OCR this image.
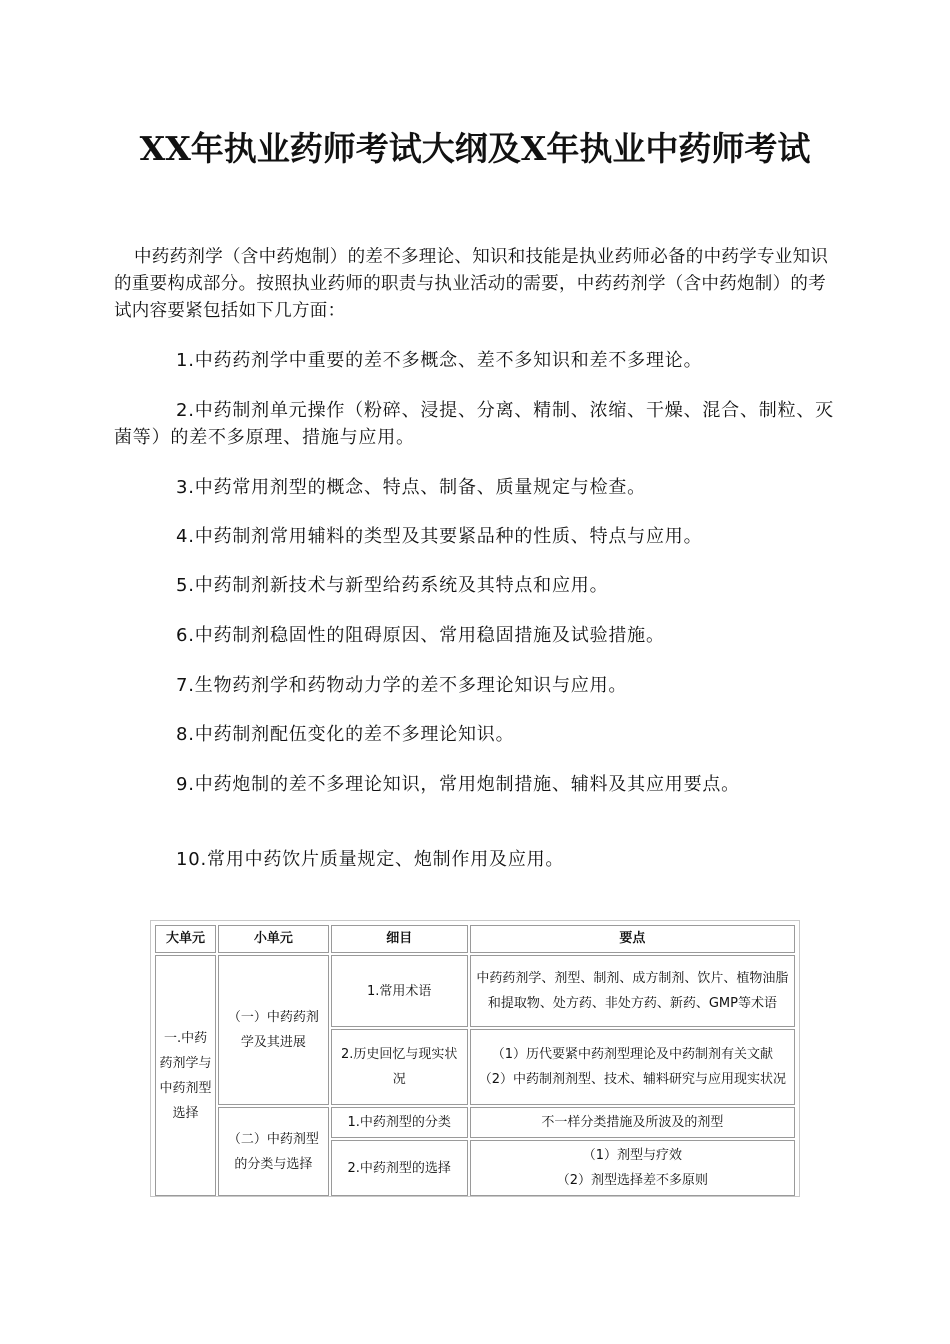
XX年执业药师考试大纲及X年执业中药师考试

中药药剂学（含中药炮制）的差不多理论、知识和技能是执业药师必备的中药学专业知识的重要构成部分。按照执业药师的职责与执业活动的需要，中药药剂学（含中药炮制）的考试内容要紧包括如下几方面：

1.中药药剂学中重要的差不多概念、差不多知识和差不多理论。

2.中药制剂单元操作（粉碎、浸提、分离、精制、浓缩、干燥、混合、制粒、灭菌等）的差不多原理、措施与应用。

3.中药常用剂型的概念、特点、制备、质量规定与检查。

4.中药制剂常用辅料的类型及其要紧品种的性质、特点与应用。

5.中药制剂新技术与新型给药系统及其特点和应用。

6.中药制剂稳固性的阻碍原因、常用稳固措施及试验措施。

7.生物药剂学和药物动力学的差不多理论知识与应用。

8.中药制剂配伍变化的差不多理论知识。

9.中药炮制的差不多理论知识，常用炮制措施、辅料及其应用要点。

10.常用中药饮片质量规定、炮制作用及应用。

大单元	小单元	细目	要点
一.中药药剂学与中药剂型选择	（一）中药药剂学及其进展	1.常用术语	中药药剂学、剂型、制剂、成方制剂、饮片、植物油脂和提取物、处方药、非处方药、新药、GMP等术语
		2.历史回忆与现实状况	（1）历代要紧中药剂型理论及中药制剂有关文献
（2）中药制剂剂型、技术、辅料研究与应用现实状况

	（二）中药剂型的分类与选择	1.中药剂型的分类	不一样分类措施及所波及的剂型
		2.中药剂型的选择	（1）剂型与疗效
（2）剂型选择差不多原则
